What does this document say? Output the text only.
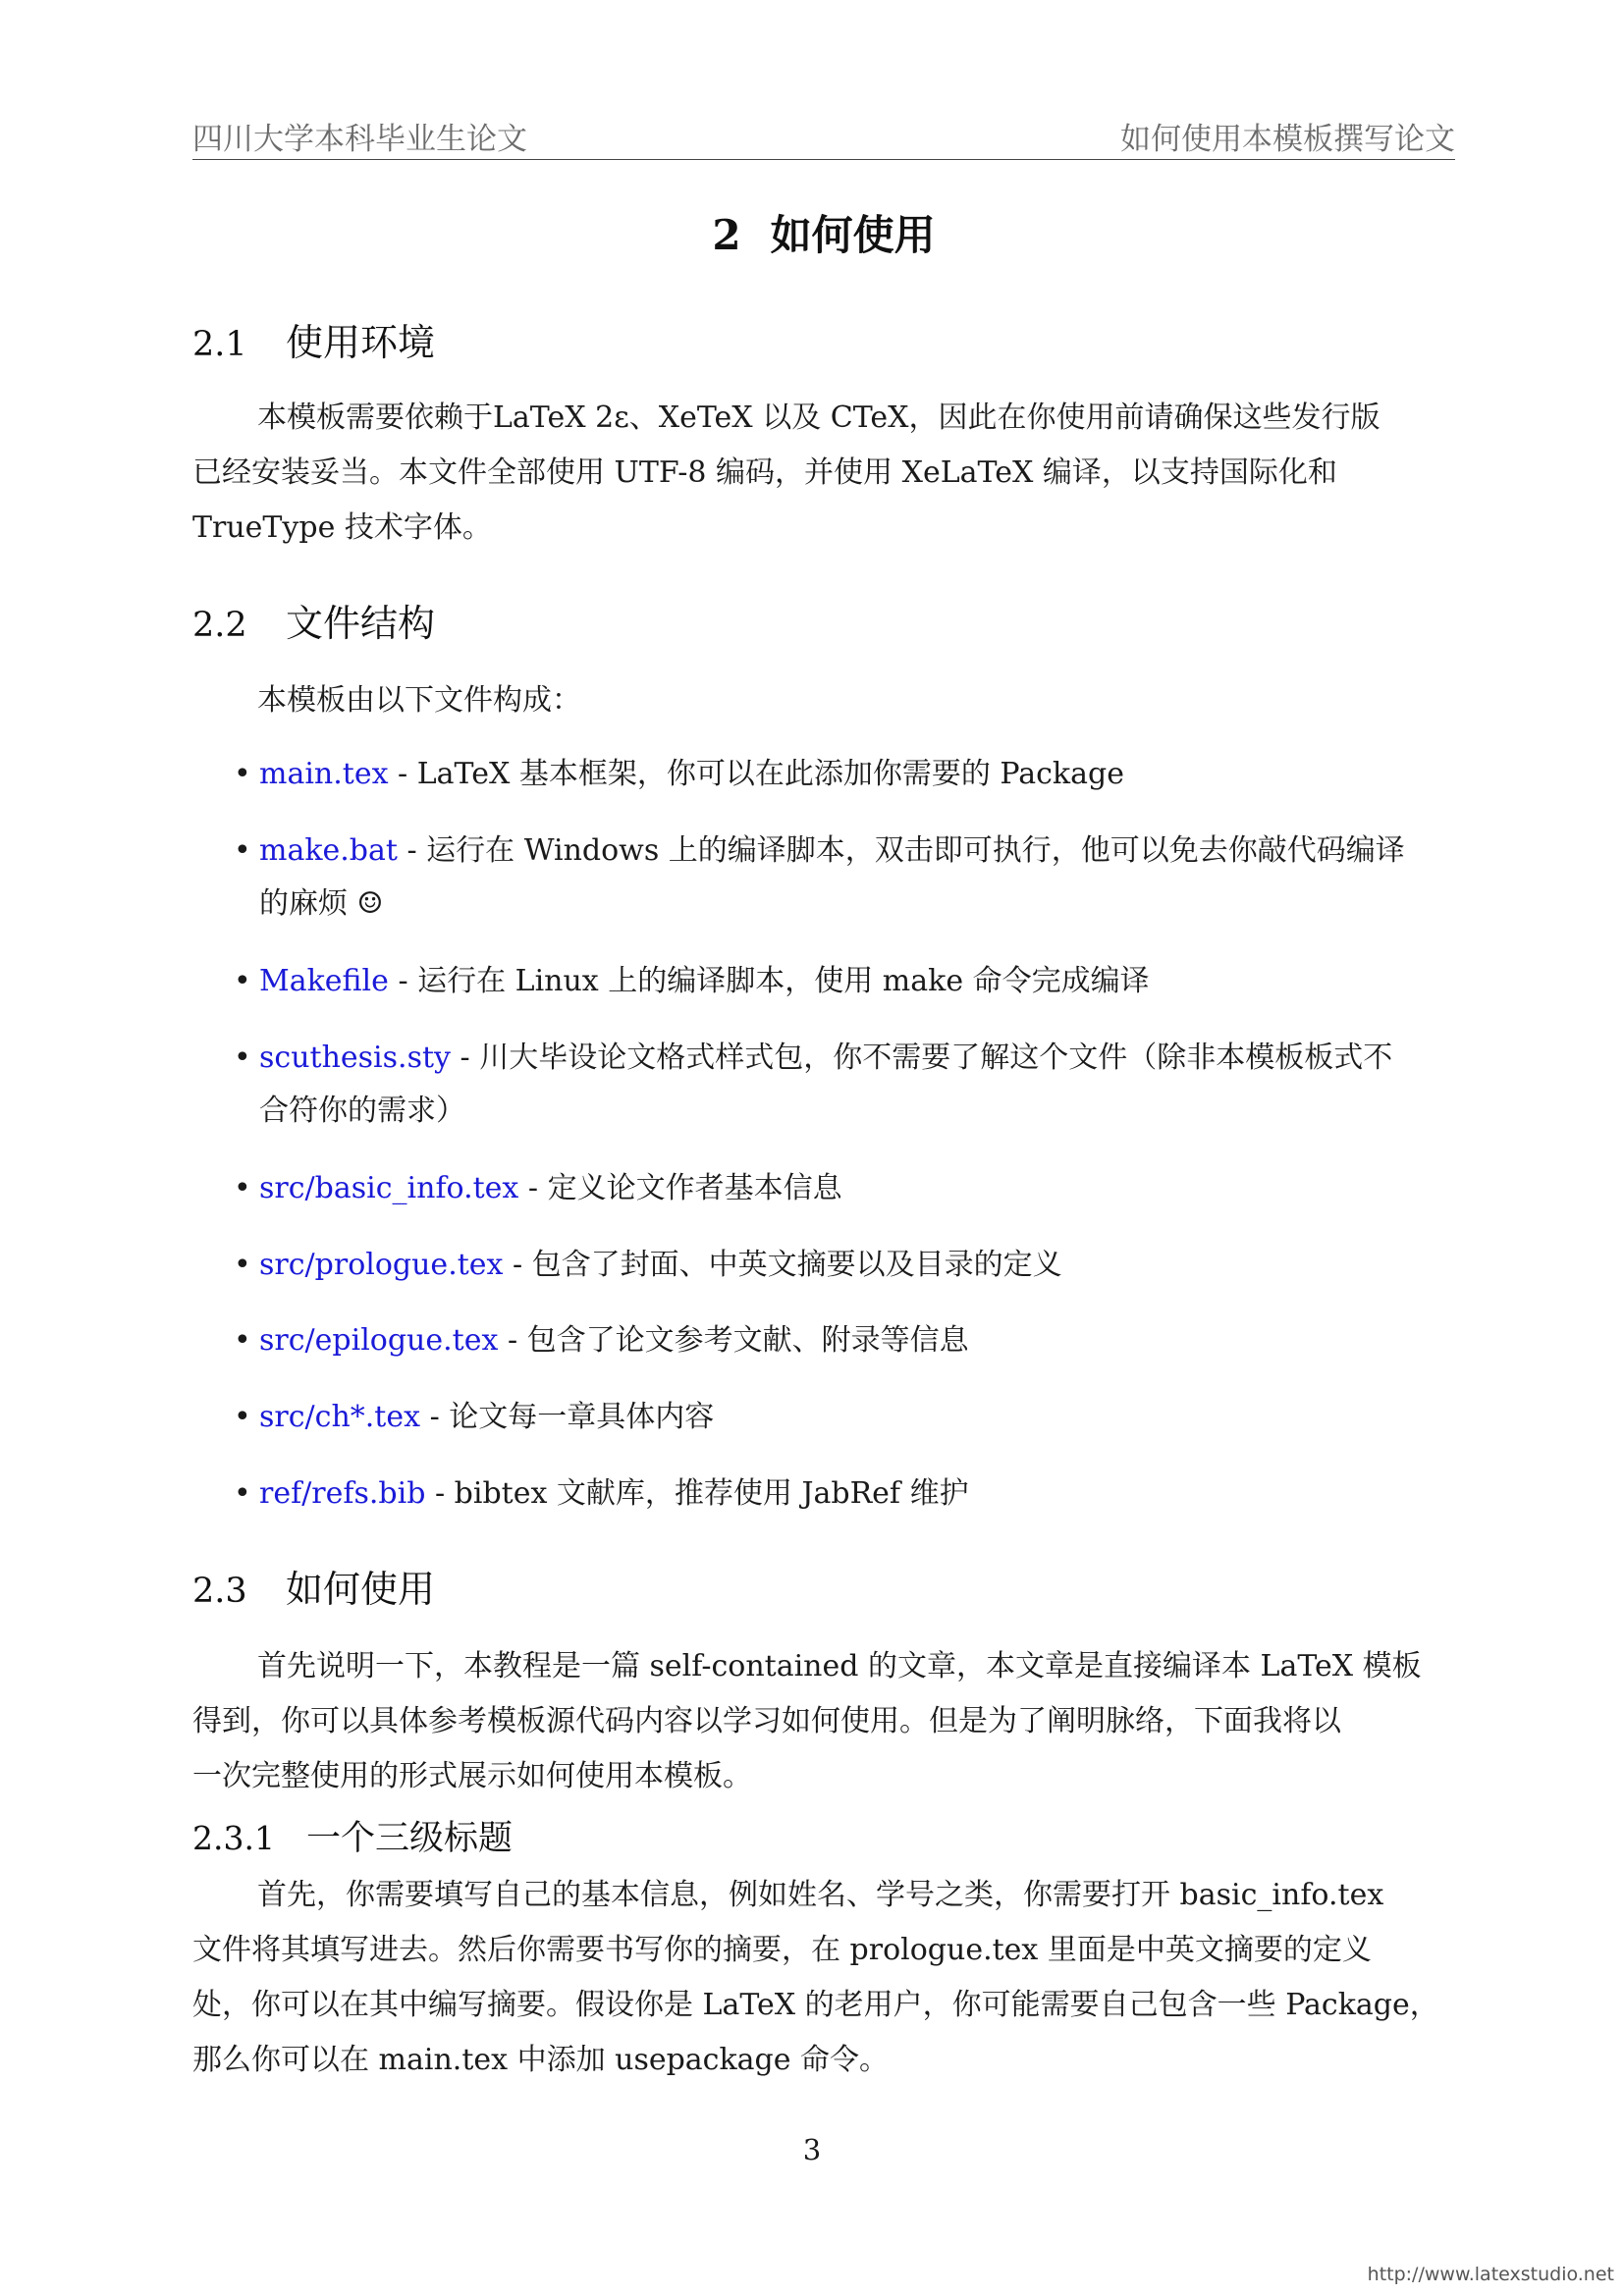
四川大学本科毕业生论文	如何使用本模板撰写论文
2 如何使用
2.1 使用环境
本模板需要依赖于LaTeX 2ε、XeTeX 以及 CTeX，因此在你使用前请确保这些发行版
已经安装妥当。本文件全部使用 UTF-8 编码，并使用 XeLaTeX 编译，以支持国际化和
TrueType 技术字体。
2.2 文件结构
本模板由以下文件构成：
• main.tex - LaTeX 基本框架，你可以在此添加你需要的 Package
• make.bat - 运行在 Windows 上的编译脚本，双击即可执行，他可以免去你敲代码编译
的麻烦 ☺
• Makefile - 运行在 Linux 上的编译脚本，使用 make 命令完成编译
• scuthesis.sty - 川大毕设论文格式样式包，你不需要了解这个文件（除非本模板板式不
合符你的需求）
• src/basic_info.tex - 定义论文作者基本信息
• src/prologue.tex - 包含了封面、中英文摘要以及目录的定义
• src/epilogue.tex - 包含了论文参考文献、附录等信息
• src/ch*.tex - 论文每一章具体内容
• ref/refs.bib - bibtex 文献库，推荐使用 JabRef 维护
2.3 如何使用
首先说明一下，本教程是一篇 self-contained 的文章，本文章是直接编译本 LaTeX 模板
得到，你可以具体参考模板源代码内容以学习如何使用。但是为了阐明脉络，下面我将以
一次完整使用的形式展示如何使用本模板。
2.3.1 一个三级标题
首先，你需要填写自己的基本信息，例如姓名、学号之类，你需要打开 basic_info.tex
文件将其填写进去。然后你需要书写你的摘要，在 prologue.tex 里面是中英文摘要的定义
处，你可以在其中编写摘要。假设你是 LaTeX 的老用户，你可能需要自己包含一些 Package，
那么你可以在 main.tex 中添加 usepackage 命令。
3
http://www.latexstudio.net
